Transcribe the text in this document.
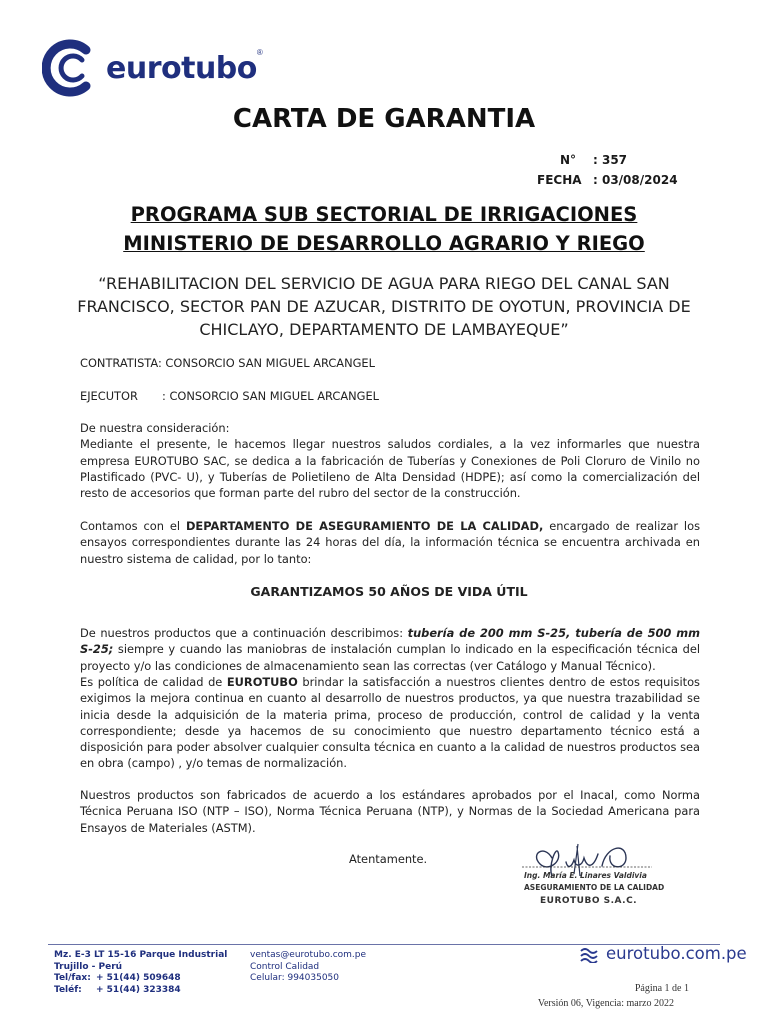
eurotubo ®
CARTA DE GARANTIA
N°	: 357
FECHA : 03/08/2024
PROGRAMA SUB SECTORIAL DE IRRIGACIONES
MINISTERIO DE DESARROLLO AGRARIO Y RIEGO
“REHABILITACION DEL SERVICIO DE AGUA PARA RIEGO DEL CANAL SAN FRANCISCO, SECTOR PAN DE AZUCAR, DISTRITO DE OYOTUN, PROVINCIA DE CHICLAYO, DEPARTAMENTO DE LAMBAYEQUE”
CONTRATISTA: CONSORCIO SAN MIGUEL ARCANGEL
EJECUTOR : CONSORCIO SAN MIGUEL ARCANGEL
De nuestra consideración:
Mediante el presente, le hacemos llegar nuestros saludos cordiales, a la vez informarles que nuestra empresa EUROTUBO SAC, se dedica a la fabricación de Tuberías y Conexiones de Poli Cloruro de Vinilo no Plastificado (PVC- U), y Tuberías de Polietileno de Alta Densidad (HDPE); así como la comercialización del resto de accesorios que forman parte del rubro del sector de la construcción.
Contamos con el DEPARTAMENTO DE ASEGURAMIENTO DE LA CALIDAD, encargado de realizar los ensayos correspondientes durante las 24 horas del día, la información técnica se encuentra archivada en nuestro sistema de calidad, por lo tanto:
GARANTIZAMOS 50 AÑOS DE VIDA ÚTIL
De nuestros productos que a continuación describimos: tubería de 200 mm S-25, tubería de 500 mm S-25; siempre y cuando las maniobras de instalación cumplan lo indicado en la especificación técnica del proyecto y/o las condiciones de almacenamiento sean las correctas (ver Catálogo y Manual Técnico).
Es política de calidad de EUROTUBO brindar la satisfacción a nuestros clientes dentro de estos requisitos exigimos la mejora continua en cuanto al desarrollo de nuestros productos, ya que nuestra trazabilidad se inicia desde la adquisición de la materia prima, proceso de producción, control de calidad y la venta correspondiente; desde ya hacemos de su conocimiento que nuestro departamento técnico está a disposición para poder absolver cualquier consulta técnica en cuanto a la calidad de nuestros productos sea en obra (campo) , y/o temas de normalización.
Nuestros productos son fabricados de acuerdo a los estándares aprobados por el Inacal, como Norma Técnica Peruana ISO (NTP – ISO), Norma Técnica Peruana (NTP), y Normas de la Sociedad Americana para Ensayos de Materiales (ASTM).
Atentamente.
Ing. María E. Linares Valdivia
ASEGURAMIENTO DE LA CALIDAD
EUROTUBO S.A.C.
Mz. E-3 LT 15-16 Parque Industrial
Trujillo - Perú
Tel/fax: + 51(44) 509648
Teléf:	+ 51(44) 323384
ventas@eurotubo.com.pe
Control Calidad
Celular: 994035050
eurotubo.com.pe
Página 1 de 1
Versión 06, Vigencia: marzo 2022
